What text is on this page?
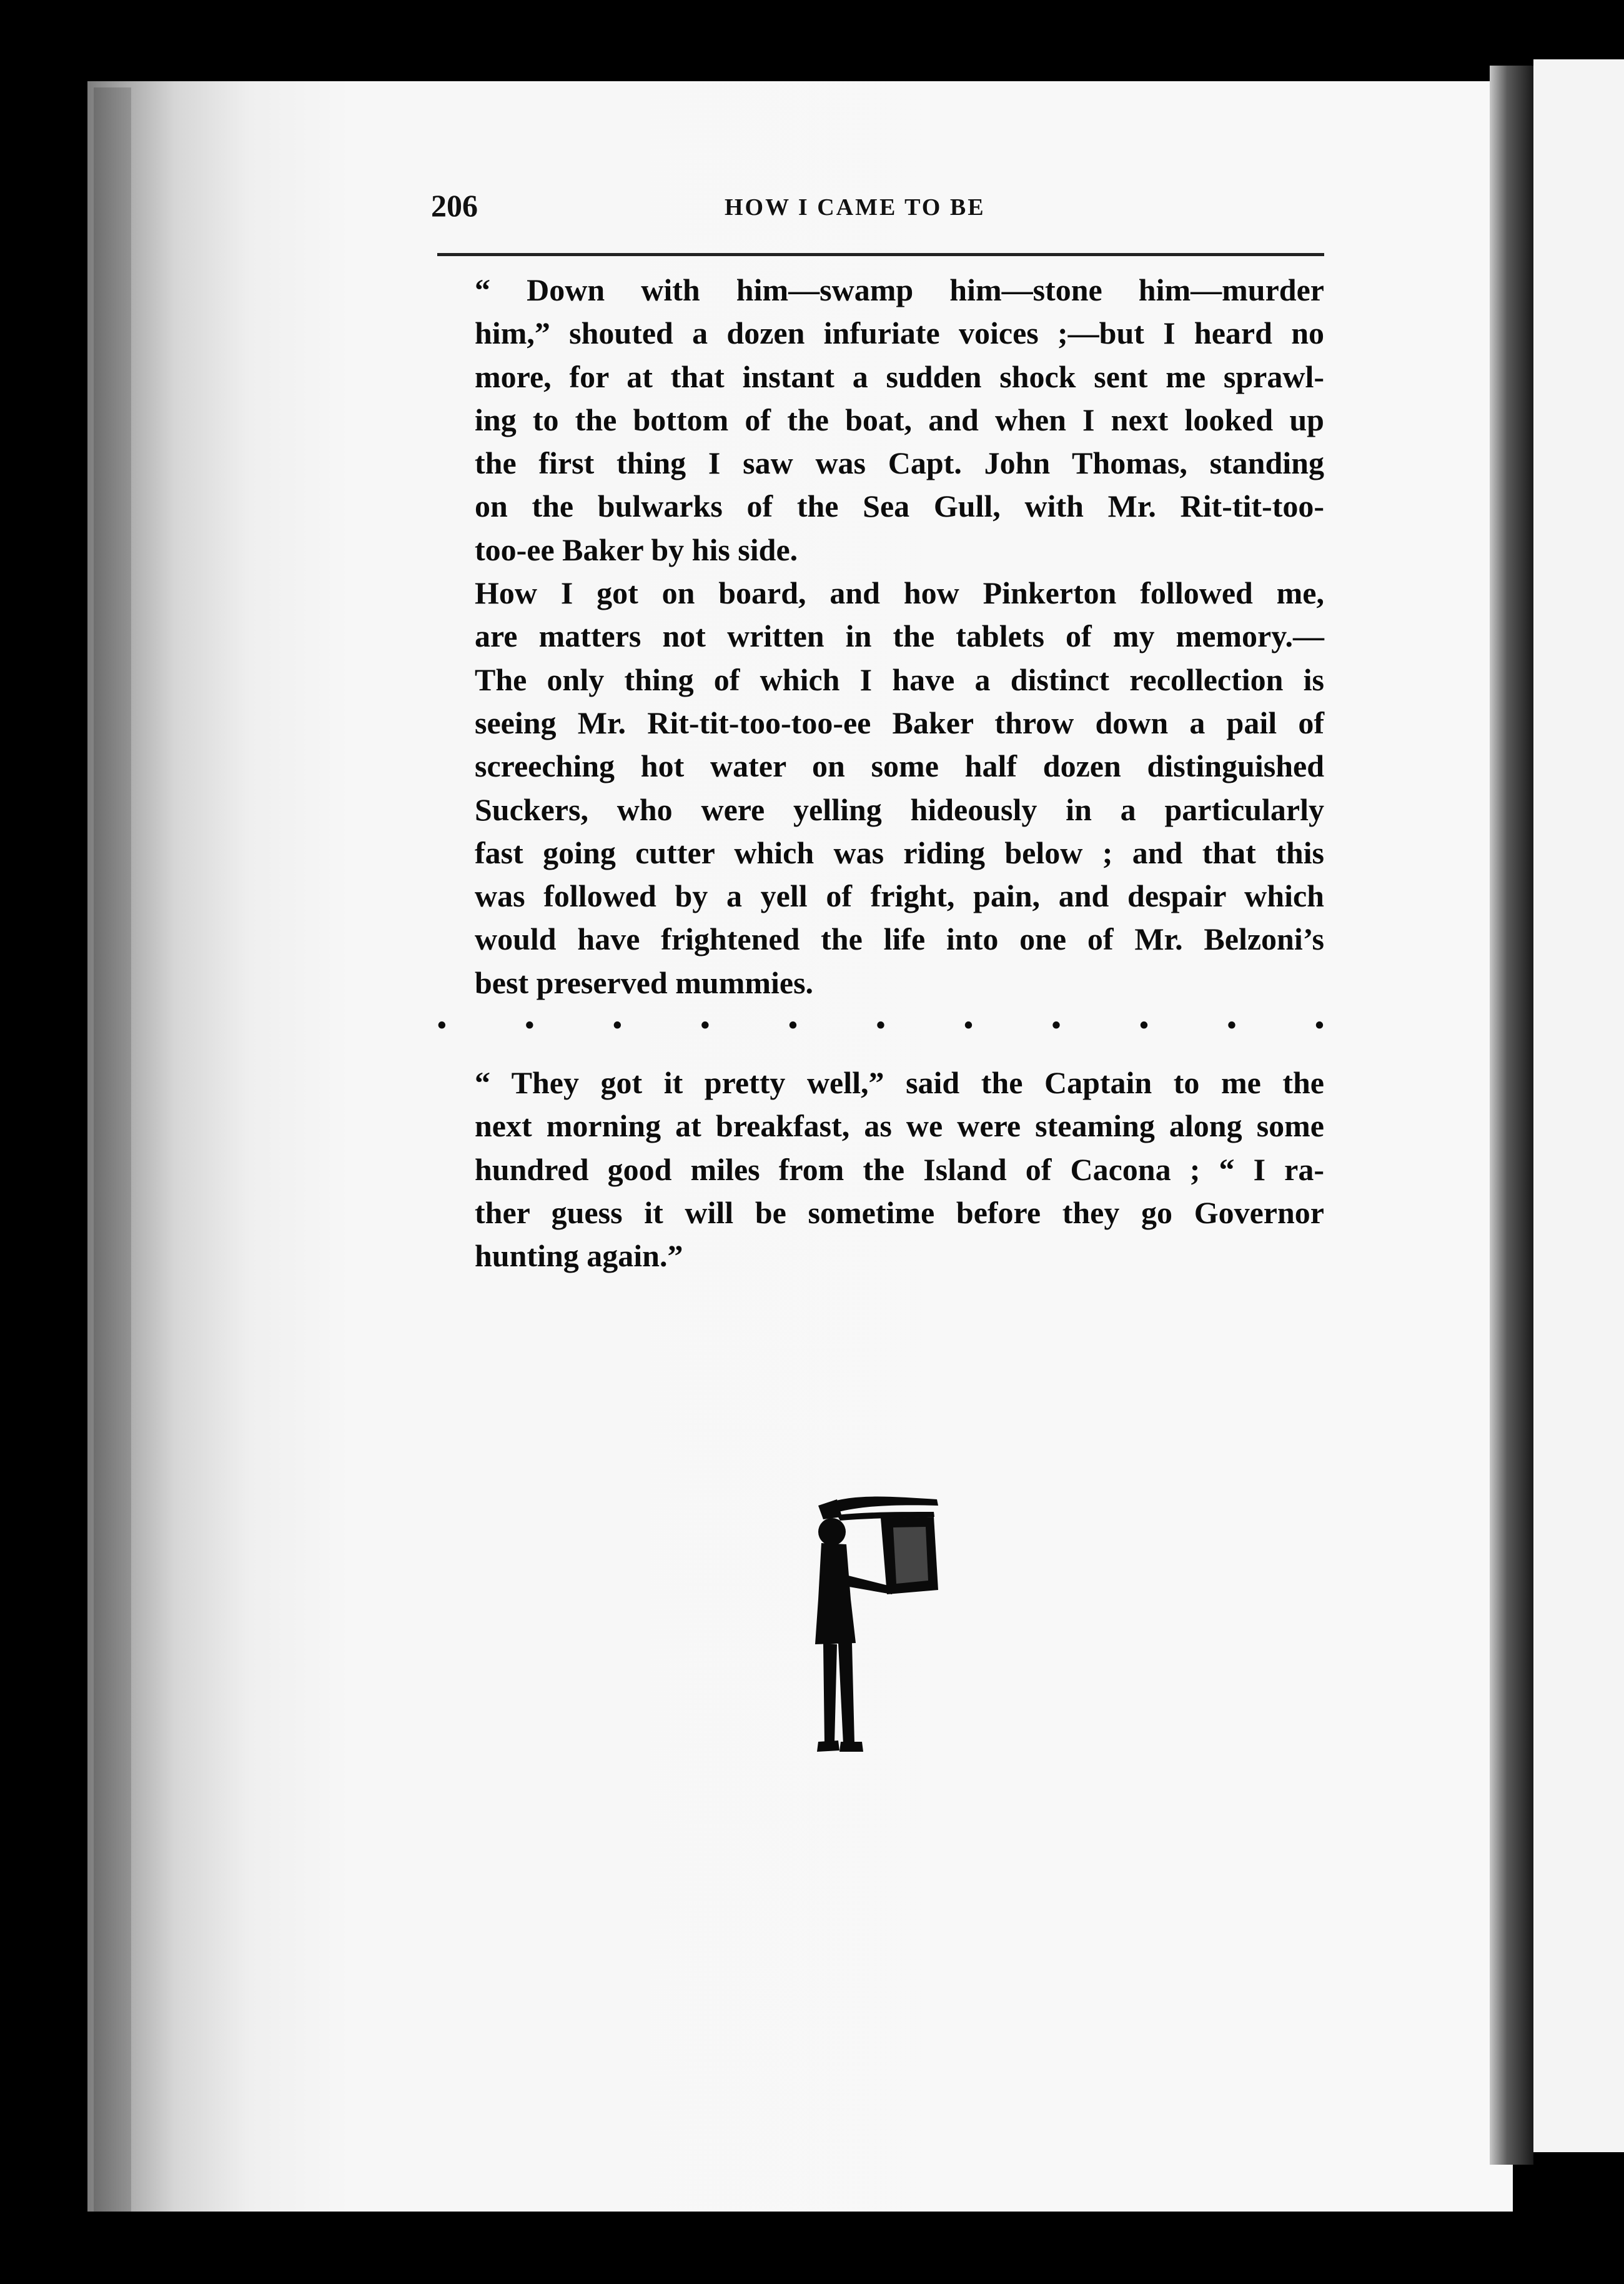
206	HOW I CAME TO BE

“ Down with him—swamp him—stone him—murder
him,” shouted a dozen infuriate voices ;—but I heard no
more, for at that instant a sudden shock sent me sprawl-
ing to the bottom of the boat, and when I next looked up
the first thing I saw was Capt. John Thomas, standing
on the bulwarks of the Sea Gull, with Mr. Rit-tit-too-
too-ee Baker by his side.

How I got on board, and how Pinkerton followed me,
are matters not written in the tablets of my memory.—
The only thing of which I have a distinct recollection is
seeing Mr. Rit-tit-too-too-ee Baker throw down a pail of
screeching hot water on some half dozen distinguished
Suckers, who were yelling hideously in a particularly
fast going cutter which was riding below ; and that this
was followed by a yell of fright, pain, and despair which
would have frightened the life into one of Mr. Belzoni’s
best preserved mummies.

•	•	•	•	•	•	•	•	•	•	•

“ They got it pretty well,” said the Captain to me the
next morning at breakfast, as we were steaming along some
hundred good miles from the Island of Cacona ; “ I ra-
ther guess it will be sometime before they go Governor
hunting again.”
